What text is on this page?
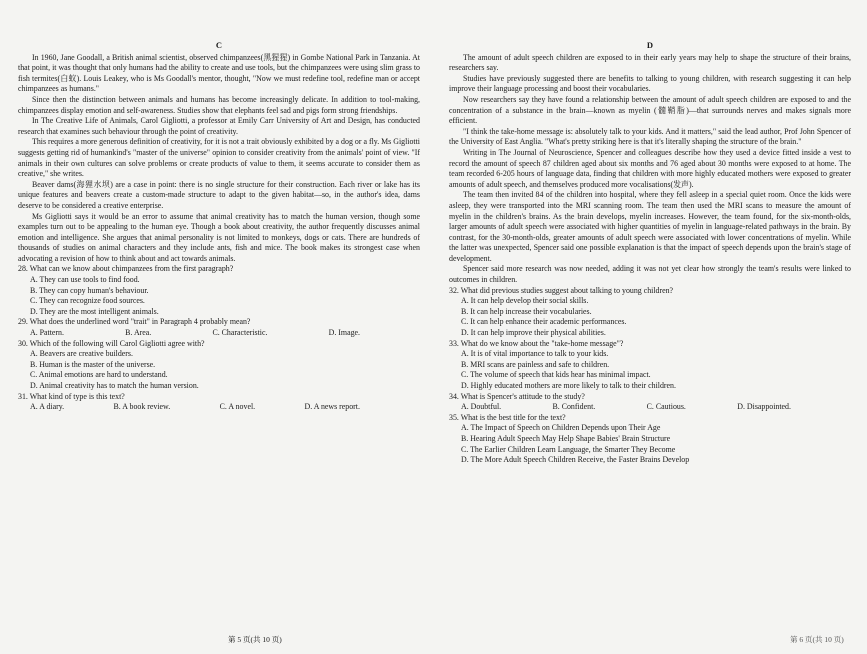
C

In 1960, Jane Goodall, a British animal scientist, observed chimpanzees(黑猩猩) in Gombe National Park in Tanzania. At that point, it was thought that only humans had the ability to create and use tools, but the chimpanzees were using slim grass to fish termites(白蚁). Louis Leakey, who is Ms Goodall's mentor, thought, "Now we must redefine tool, redefine man or accept chimpanzees as humans."

Since then the distinction between animals and humans has become increasingly delicate. In addition to tool-making, chimpanzees display emotion and self-awareness. Studies show that elephants feel sad and pigs form strong friendships.

In The Creative Life of Animals, Carol Gigliotti, a professor at Emily Carr University of Art and Design, has conducted research that examines such behaviour through the point of creativity.

This requires a more generous definition of creativity, for it is not a trait obviously exhibited by a dog or a fly. Ms Gigliotti suggests getting rid of humankind's "master of the universe" opinion to consider creativity from the animals' point of view. "If animals in their own cultures can solve problems or create products of value to them, it seems accurate to consider them as creative," she writes.

Beaver dams(海狸水坝) are a case in point: there is no single structure for their construction. Each river or lake has its unique features and beavers create a custom-made structure to adapt to the given habitat—so, in the author's idea, dams deserve to be considered a creative enterprise.

Ms Gigliotti says it would be an error to assume that animal creativity has to match the human version, though some examples turn out to be appealing to the human eye. Though a book about creativity, the author frequently discusses animal emotion and intelligence. She argues that animal personality is not limited to monkeys, dogs or cats. There are hundreds of thousands of studies on animal characters and they include ants, fish and mice. The book makes its strongest case when advocating a revision of how to think about and act towards animals.

28. What can we know about chimpanzees from the first paragraph?
A. They can use tools to find food.
B. They can copy human's behaviour.
C. They can recognize food sources.
D. They are the most intelligent animals.
29. What does the underlined word "trait" in Paragraph 4 probably mean?
A. Pattern.	B. Area.	C. Characteristic.	D. Image.
30. Which of the following will Carol Gigliotti agree with?
A. Beavers are creative builders.
B. Human is the master of the universe.
C. Animal emotions are hard to understand.
D. Animal creativity has to match the human version.
31. What kind of type is this text?
A. A diary.	B. A book review.	C. A novel.	D. A news report.
D

The amount of adult speech children are exposed to in their early years may help to shape the structure of their brains, researchers say.

Studies have previously suggested there are benefits to talking to young children, with research suggesting it can help improve their language processing and boost their vocabularies.

Now researchers say they have found a relationship between the amount of adult speech children are exposed to and the concentration of a substance in the brain—known as myelin (髓鞘脂)—that surrounds nerves and makes signals more efficient.

"I think the take-home message is: absolutely talk to your kids. And it matters," said the lead author, Prof John Spencer of the University of East Anglia. "What's pretty striking here is that it's literally shaping the structure of the brain."

Writing in The Journal of Neuroscience, Spencer and colleagues describe how they used a device fitted inside a vest to record the amount of speech 87 children aged about six months and 76 aged about 30 months were exposed to at home. The team recorded 6-205 hours of language data, finding that children with more highly educated mothers were exposed to greater amounts of adult speech, and themselves produced more vocalisations(发声).

The team then invited 84 of the children into hospital, where they fell asleep in a special quiet room. Once the kids were asleep, they were transported into the MRI scanning room. The team then used the MRI scans to measure the amount of myelin in the children's brains. As the brain develops, myelin increases. However, the team found, for the six-month-olds, larger amounts of adult speech were associated with higher quantities of myelin in language-related pathways in the brain. By contrast, for the 30-month-olds, greater amounts of adult speech were associated with lower concentrations of myelin. While the latter was unexpected, Spencer said one possible explanation is that the impact of speech depends upon the brain's stage of development.

Spencer said more research was now needed, adding it was not yet clear how strongly the team's results were linked to outcomes in children.

32. What did previous studies suggest about talking to young children?
A. It can help develop their social skills.
B. It can help increase their vocabularies.
C. It can help enhance their academic performances.
D. It can help improve their physical abilities.
33. What do we know about the "take-home message"?
A. It is of vital importance to talk to your kids.
B. MRI scans are painless and safe to children.
C. The volume of speech that kids hear has minimal impact.
D. Highly educated mothers are more likely to talk to their children.
34. What is Spencer's attitude to the study?
A. Doubtful.	B. Confident.	C. Cautious.	D. Disappointed.
35. What is the best title for the text?
A. The Impact of Speech on Children Depends upon Their Age
B. Hearing Adult Speech May Help Shape Babies' Brain Structure
C. The Earlier Children Learn Language, the Smarter They Become
D. The More Adult Speech Children Receive, the Faster Brains Develop
第 5 页(共 10 页)	第 6 页(共 10 页)
